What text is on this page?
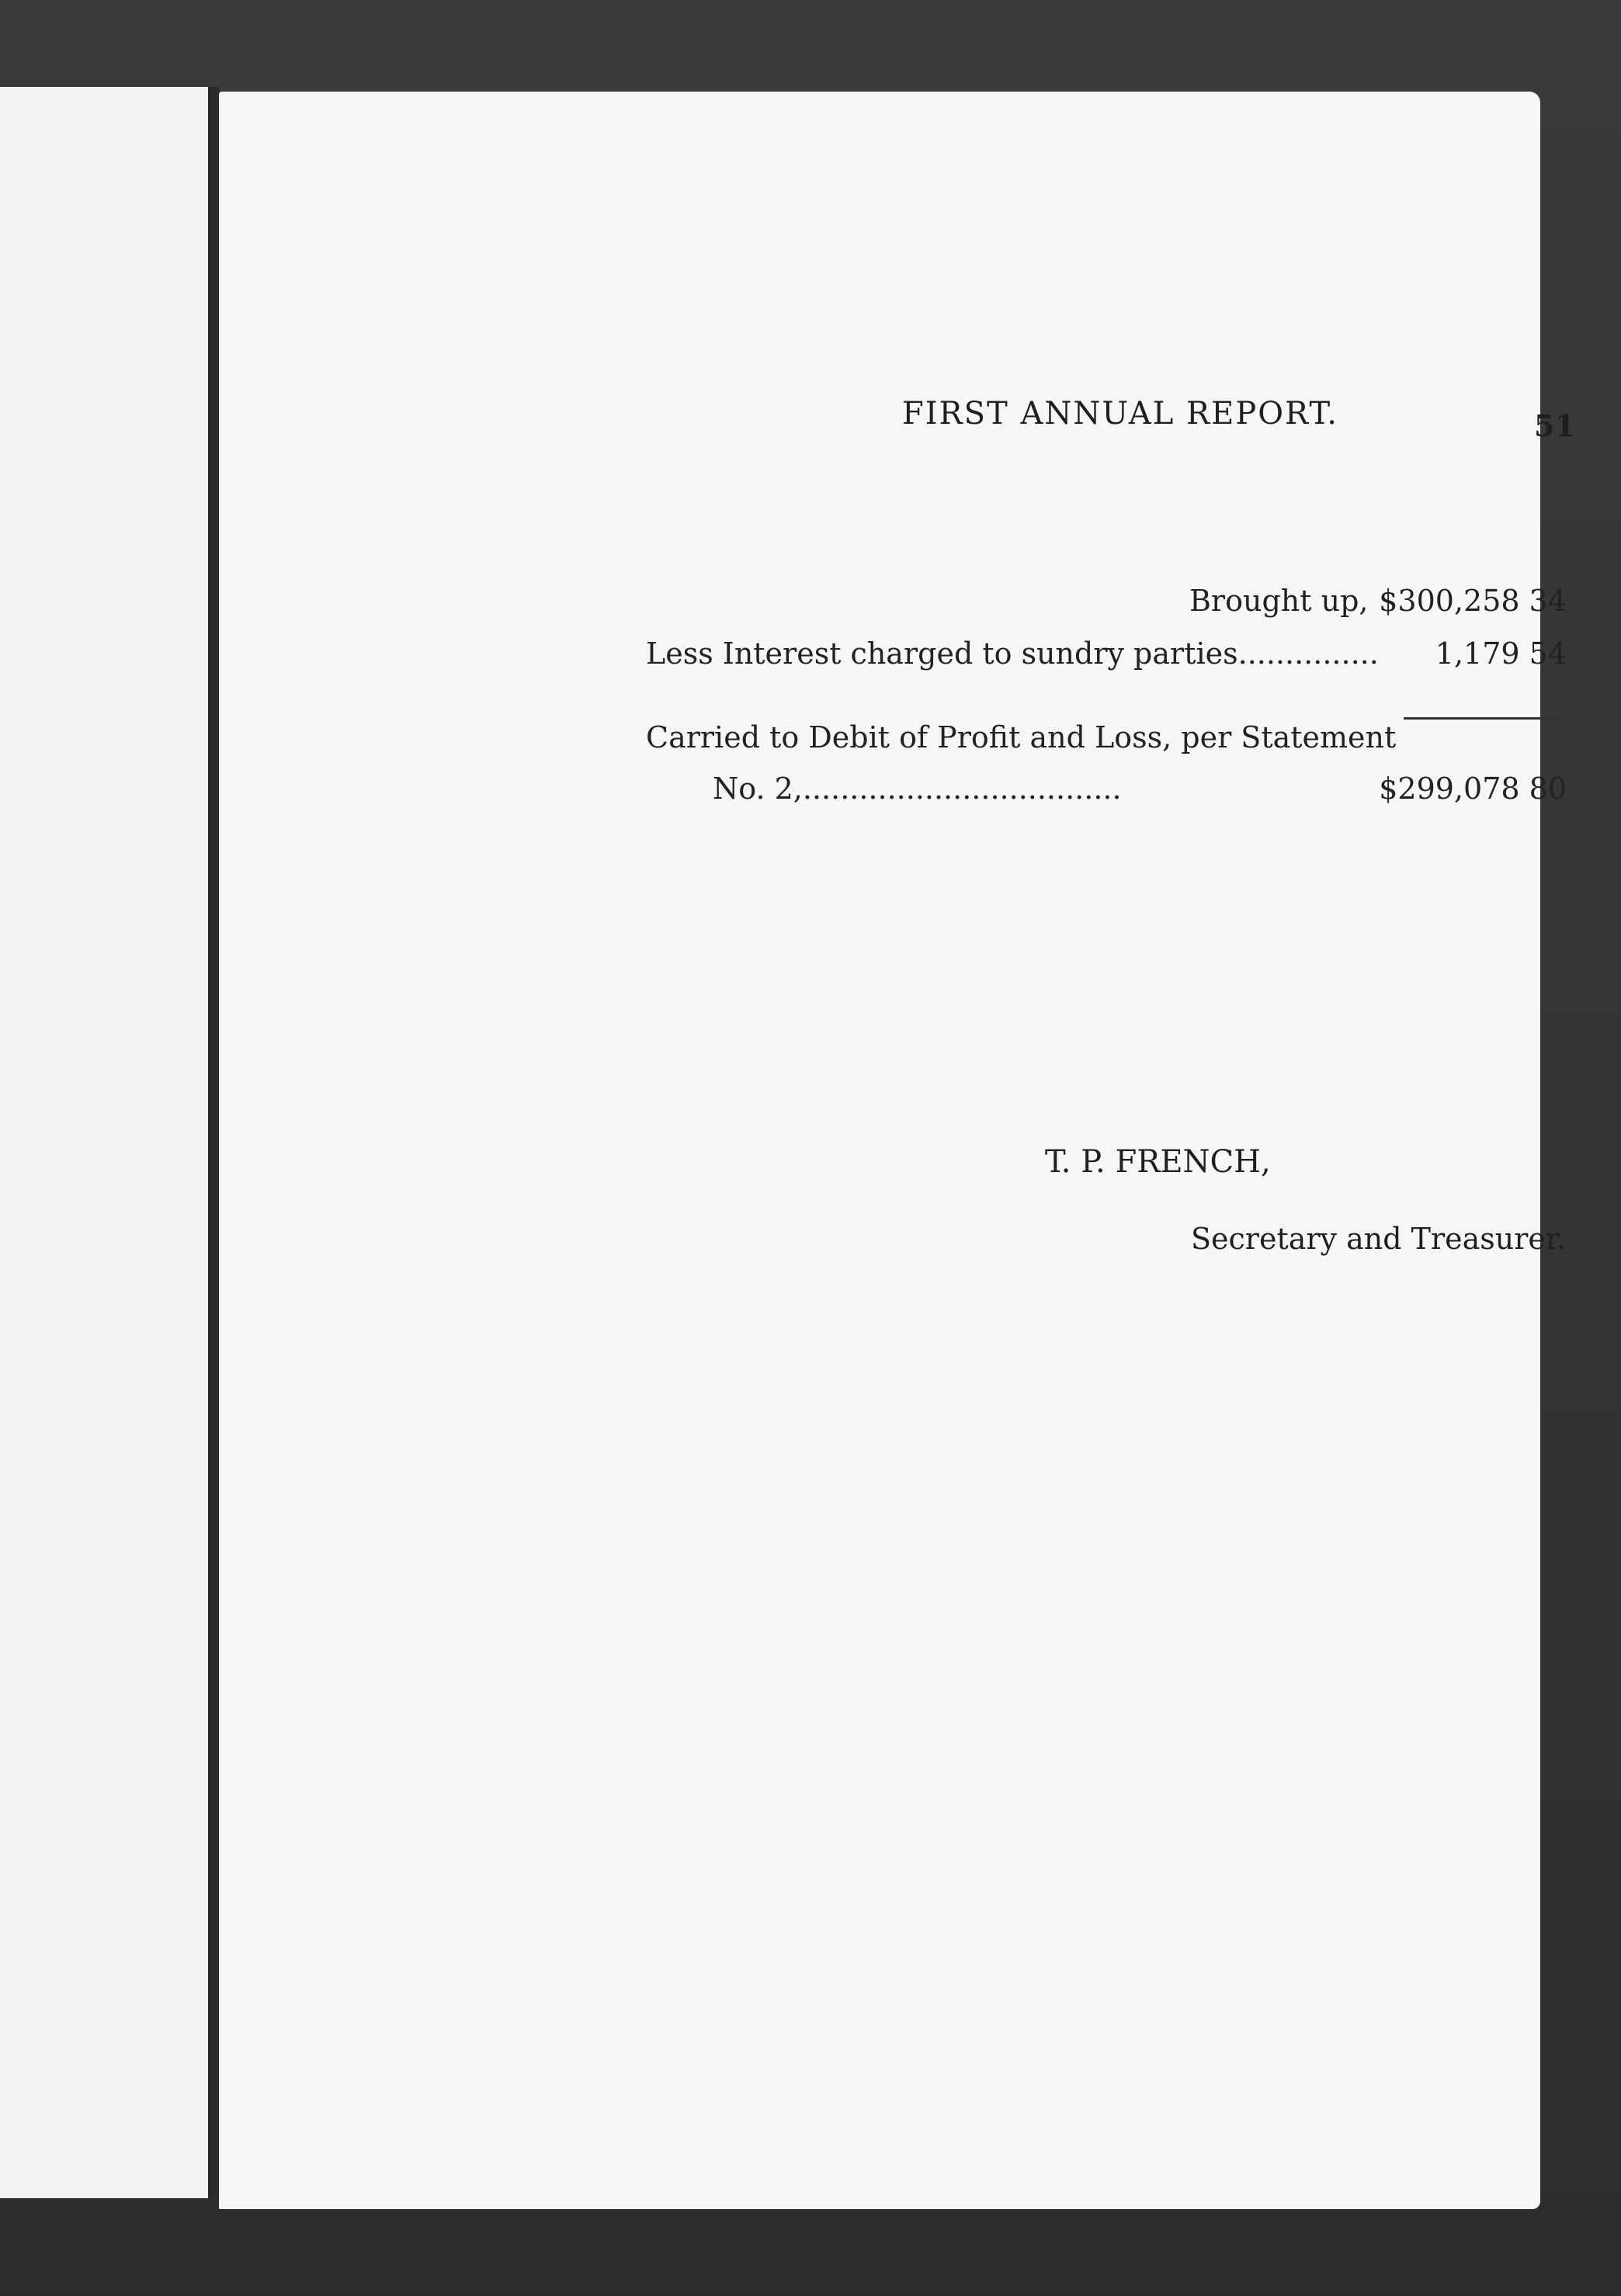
FIRST ANNUAL REPORT.	51
Brought up, $300,258 34
Less Interest charged to sundry parties............... 1,179 54
Carried to Debit of Profit and Loss, per Statement
No. 2,..................................	$299,078 80
T. P. FRENCH,
Secretary and Treasurer.
